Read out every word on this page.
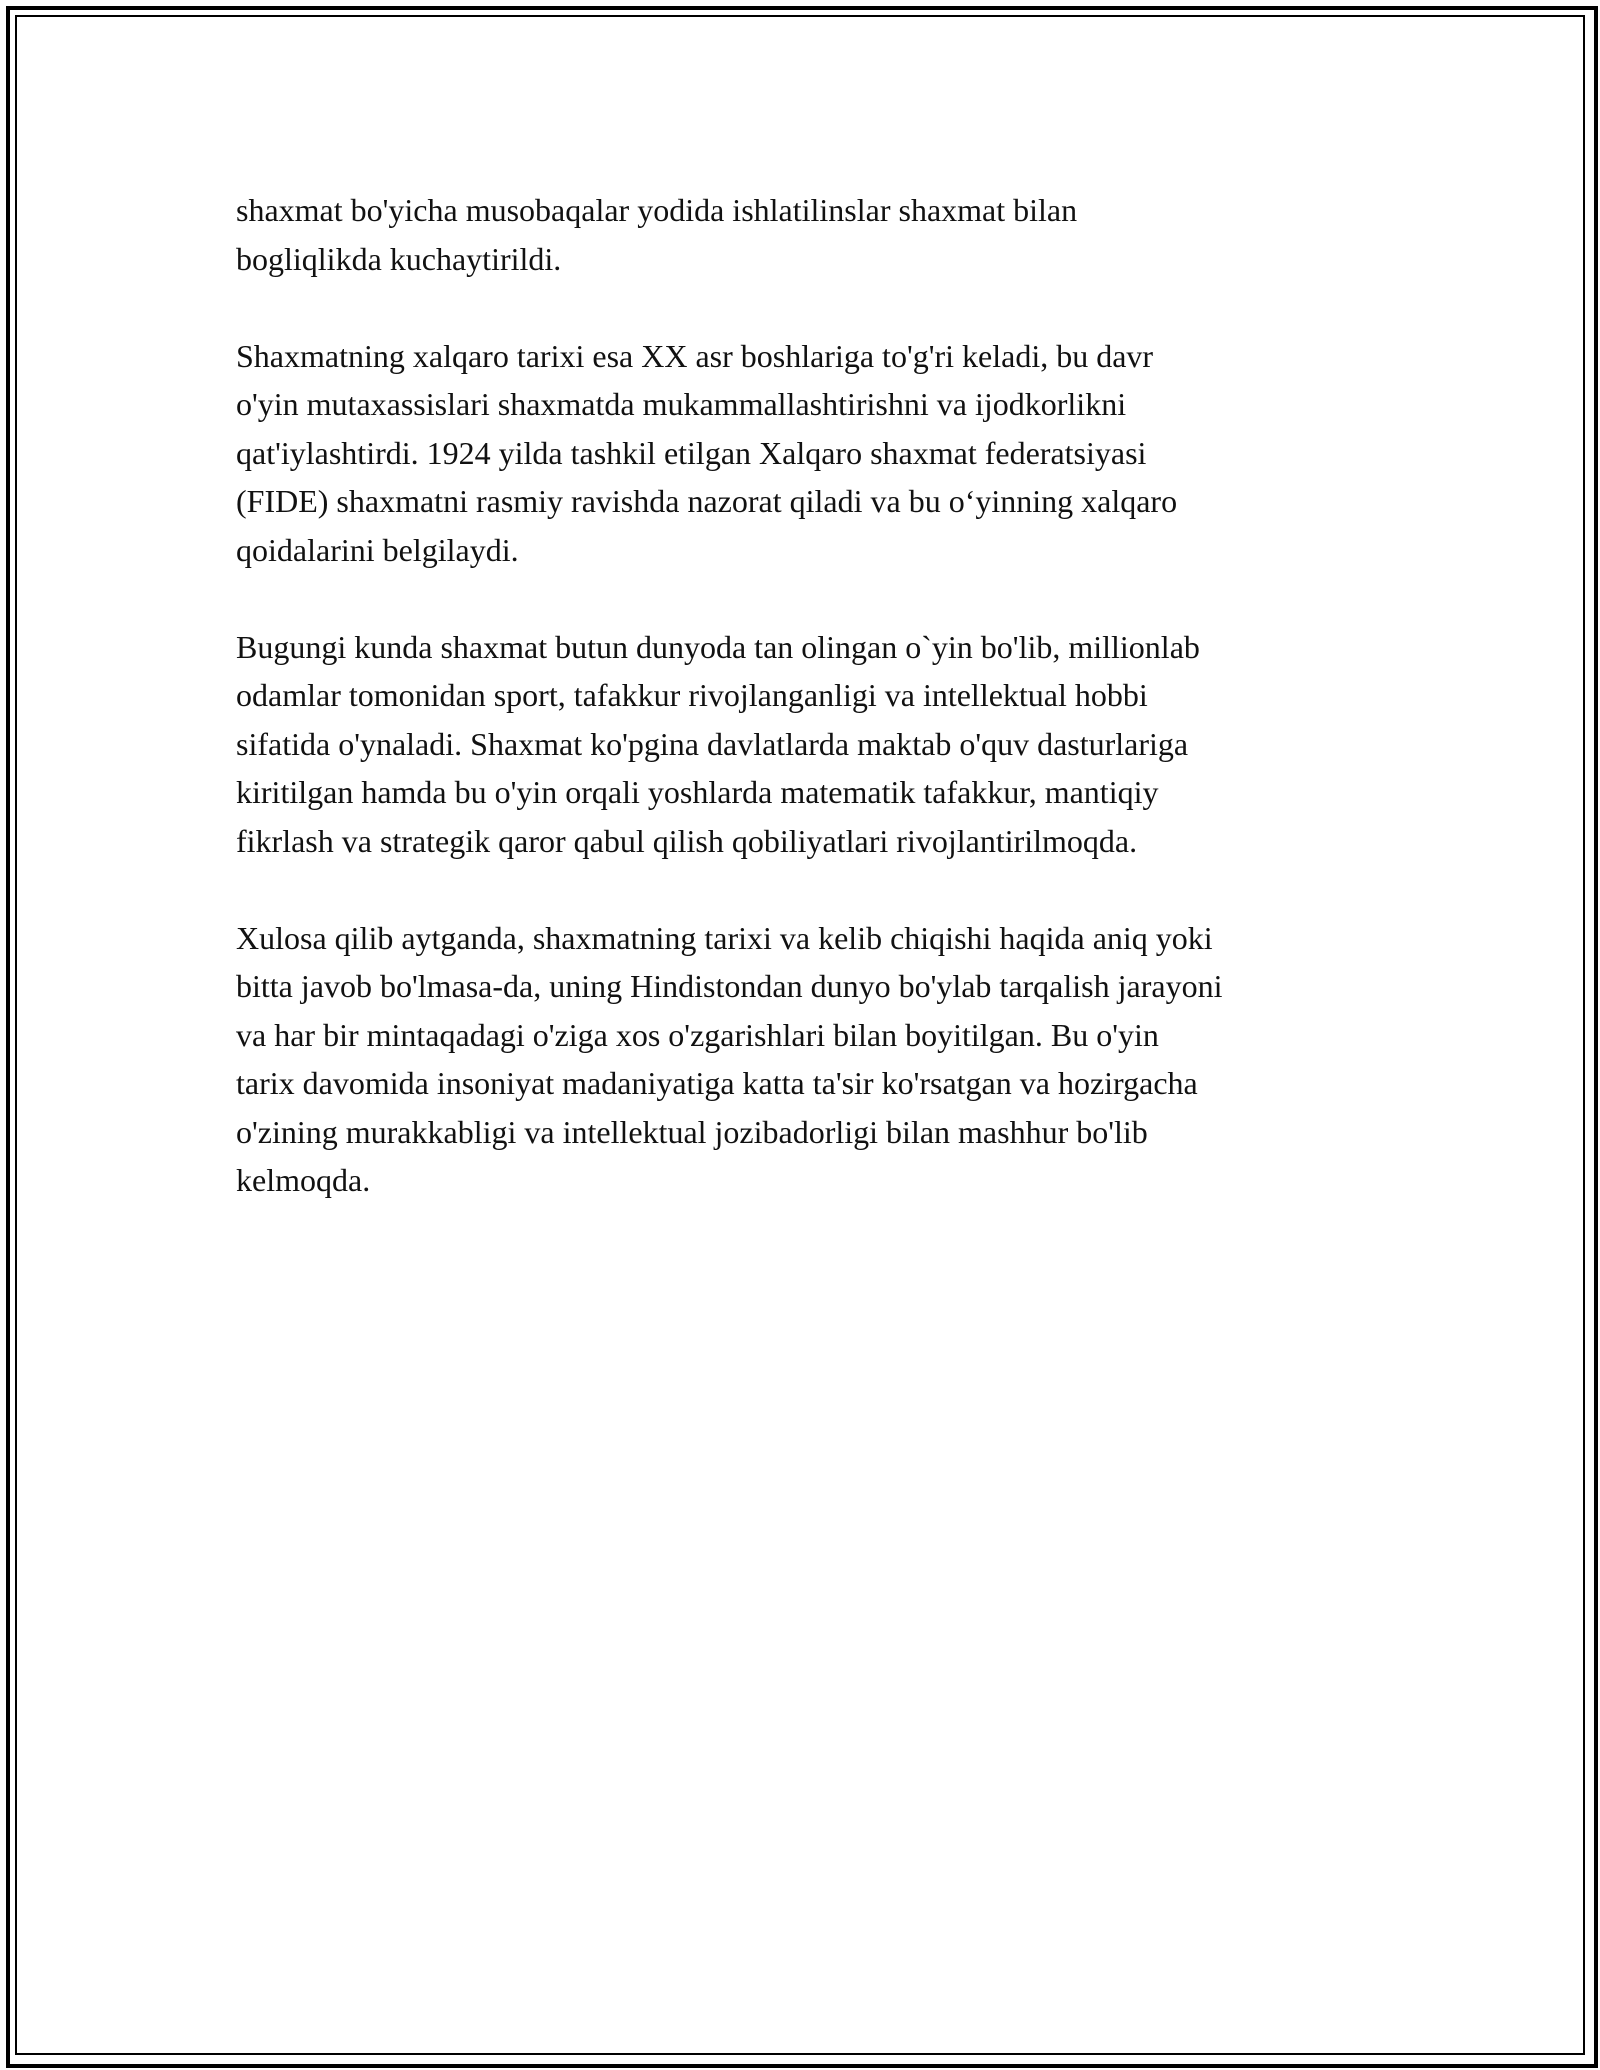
shaxmat bo'yicha musobaqalar yodida ishlatilinslar shaxmat bilan
bogliqlikda kuchaytirildi.

Shaxmatning xalqaro tarixi esa XX asr boshlariga to'g'ri keladi, bu davr
o'yin mutaxassislari shaxmatda mukammallashtirishni va ijodkorlikni
qat'iylashtirdi. 1924 yilda tashkil etilgan Xalqaro shaxmat federatsiyasi
(FIDE) shaxmatni rasmiy ravishda nazorat qiladi va bu o‘yinning xalqaro
qoidalarini belgilaydi.

Bugungi kunda shaxmat butun dunyoda tan olingan o`yin bo'lib, millionlab
odamlar tomonidan sport, tafakkur rivojlanganligi va intellektual hobbi
sifatida o'ynaladi. Shaxmat ko'pgina davlatlarda maktab o'quv dasturlariga
kiritilgan hamda bu o'yin orqali yoshlarda matematik tafakkur, mantiqiy
fikrlash va strategik qaror qabul qilish qobiliyatlari rivojlantirilmoqda.

Xulosa qilib aytganda, shaxmatning tarixi va kelib chiqishi haqida aniq yoki
bitta javob bo'lmasa-da, uning Hindistondan dunyo bo'ylab tarqalish jarayoni
va har bir mintaqadagi o'ziga xos o'zgarishlari bilan boyitilgan. Bu o'yin
tarix davomida insoniyat madaniyatiga katta ta'sir ko'rsatgan va hozirgacha
o'zining murakkabligi va intellektual jozibadorligi bilan mashhur bo'lib
kelmoqda.
